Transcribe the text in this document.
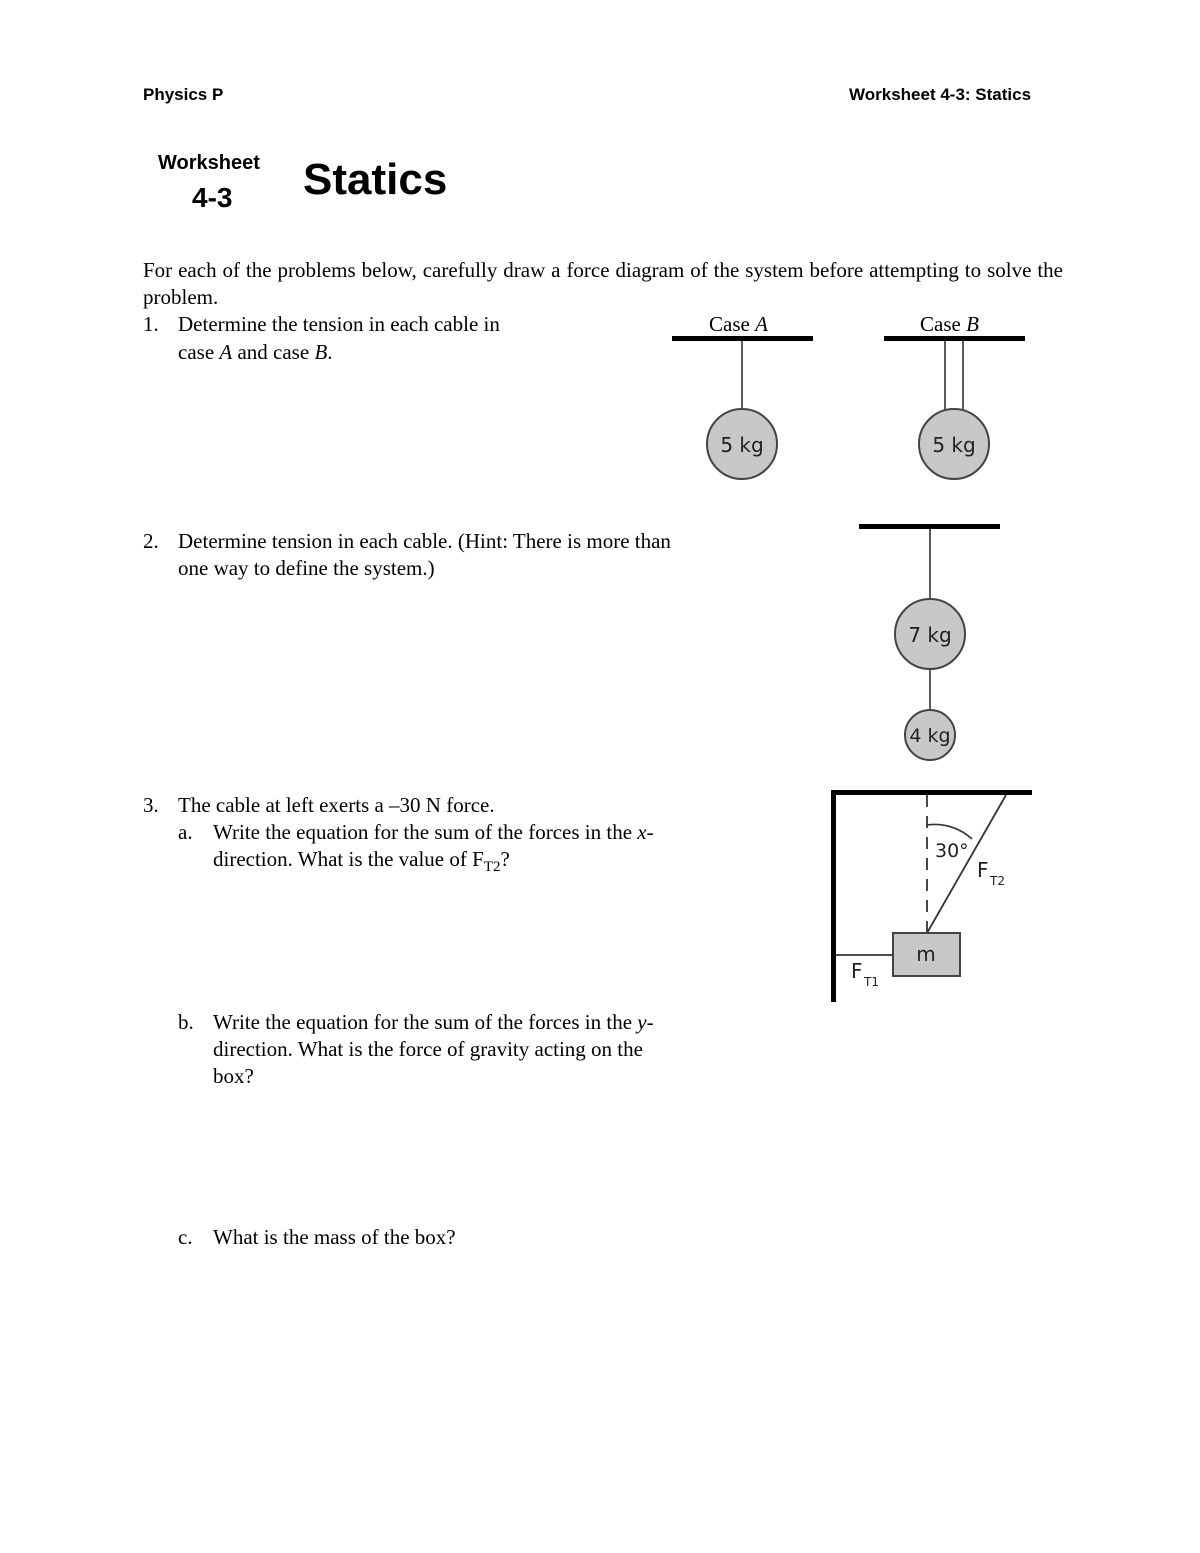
Physics P	Worksheet 4-3: Statics
Worksheet
4-3 Statics
For each of the problems below, carefully draw a force diagram of the system before attempting to solve the problem.
1. Determine the tension in each cable in
case A and case B.
2. Determine tension in each cable. (Hint: There is more than
one way to define the system.)
3. The cable at left exerts a –30 N force.
a. Write the equation for the sum of the forces in the x-
direction. What is the value of $F_{T2}$?
b. Write the equation for the sum of the forces in the y-
direction. What is the force of gravity acting on the
box?
c. What is the mass of the box?
Case A	Case B
5 kg	5 kg
7 kg
4 kg
30°
F T2
m
F T1
